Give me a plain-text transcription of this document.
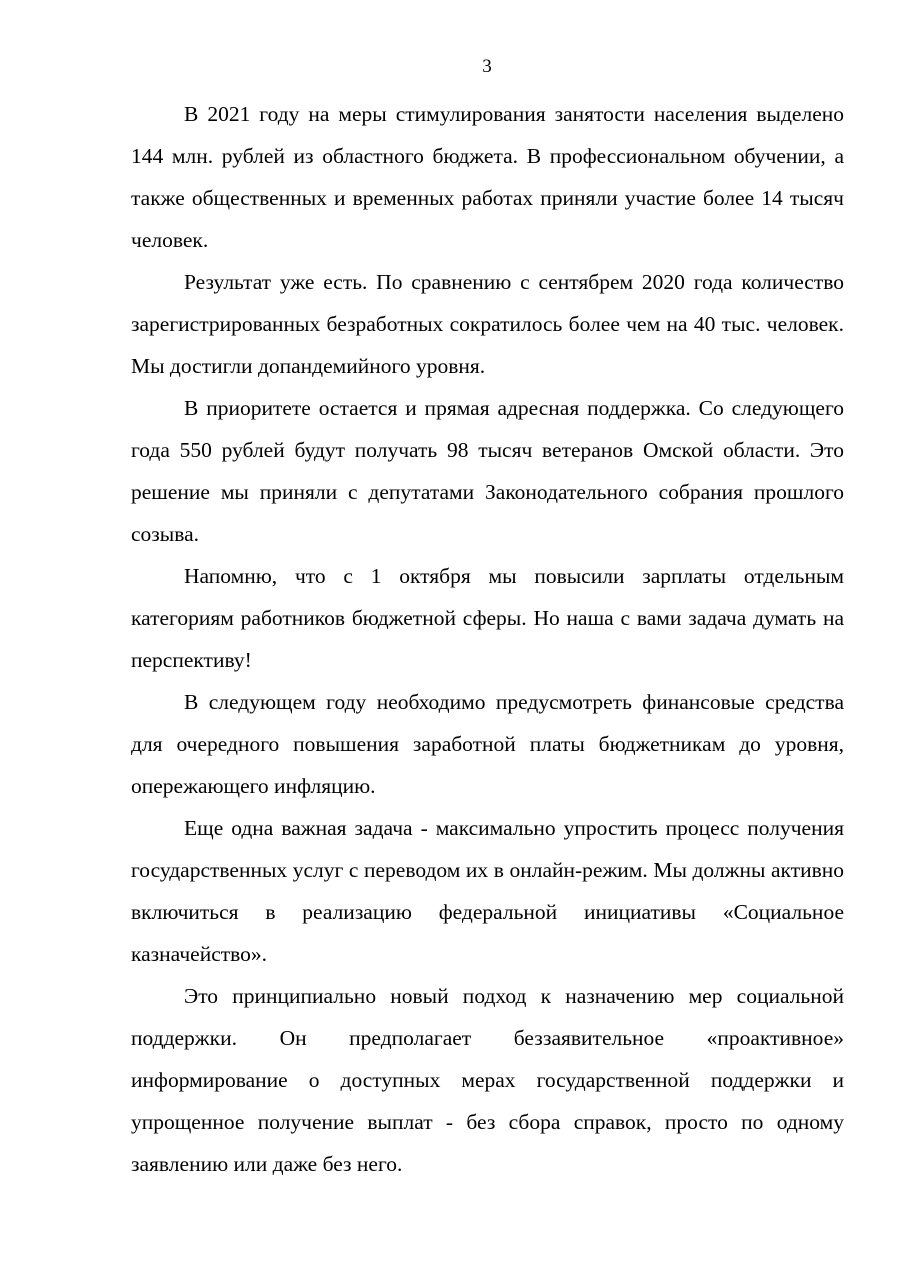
3

В 2021 году на меры стимулирования занятости населения выделено 144 млн. рублей из областного бюджета. В профессиональном обучении, а также общественных и временных работах приняли участие более 14 тысяч человек.

Результат уже есть. По сравнению с сентябрем 2020 года количество зарегистрированных безработных сократилось более чем на 40 тыс. человек. Мы достигли допандемийного уровня.

В приоритете остается и прямая адресная поддержка. Со следующего года 550 рублей будут получать 98 тысяч ветеранов Омской области. Это решение мы приняли с депутатами Законодательного собрания прошлого созыва.

Напомню, что с 1 октября мы повысили зарплаты отдельным категориям работников бюджетной сферы. Но наша с вами задача думать на перспективу!

В следующем году необходимо предусмотреть финансовые средства для очередного повышения заработной платы бюджетникам до уровня, опережающего инфляцию.

Еще одна важная задача - максимально упростить процесс получения государственных услуг с переводом их в онлайн-режим. Мы должны активно включиться в реализацию федеральной инициативы «Социальное казначейство».

Это принципиально новый подход к назначению мер социальной поддержки. Он предполагает беззаявительное «проактивное» информирование о доступных мерах государственной поддержки и упрощенное получение выплат - без сбора справок, просто по одному заявлению или даже без него.
